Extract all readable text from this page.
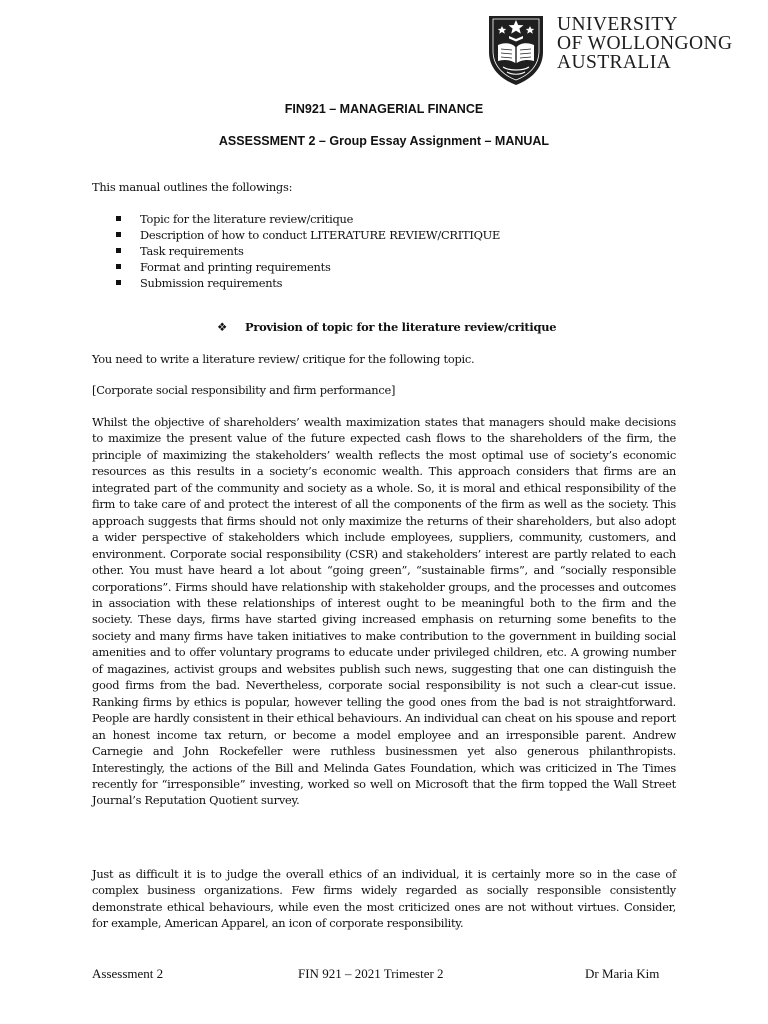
UNIVERSITY
OF WOLLONGONG
AUSTRALIA
FIN921 – MANAGERIAL FINANCE
ASSESSMENT 2 – Group Essay Assignment – MANUAL
This manual outlines the followings:
Topic for the literature review/critique
Description of how to conduct LITERATURE REVIEW/CRITIQUE
Task requirements
Format and printing requirements
Submission requirements
❖ Provision of topic for the literature review/critique
You need to write a literature review/ critique for the following topic.
[Corporate social responsibility and firm performance]

Whilst the objective of shareholders’ wealth maximization states that managers should make decisions to maximize the present value of the future expected cash flows to the shareholders of the firm, the principle of maximizing the stakeholders’ wealth reflects the most optimal use of society’s economic resources as this results in a society’s economic wealth. This approach considers that firms are an integrated part of the community and society as a whole. So, it is moral and ethical responsibility of the firm to take care of and protect the interest of all the components of the firm as well as the society. This approach suggests that firms should not only maximize the returns of their shareholders, but also adopt a wider perspective of stakeholders which include employees, suppliers, community, customers, and environment. Corporate social responsibility (CSR) and stakeholders’ interest are partly related to each other. You must have heard a lot about “going green”, “sustainable firms”, and “socially responsible corporations”. Firms should have relationship with stakeholder groups, and the processes and outcomes in association with these relationships of interest ought to be meaningful both to the firm and the society. These days, firms have started giving increased emphasis on returning some benefits to the society and many firms have taken initiatives to make contribution to the government in building social amenities and to offer voluntary programs to educate under privileged children, etc. A growing number of magazines, activist groups and websites publish such news, suggesting that one can distinguish the good firms from the bad. Nevertheless, corporate social responsibility is not such a clear-cut issue. Ranking firms by ethics is popular, however telling the good ones from the bad is not straightforward. People are hardly consistent in their ethical behaviours. An individual can cheat on his spouse and report an honest income tax return, or become a model employee and an irresponsible parent. Andrew Carnegie and John Rockefeller were ruthless businessmen yet also generous philanthropists. Interestingly, the actions of the Bill and Melinda Gates Foundation, which was criticized in The Times recently for “irresponsible” investing, worked so well on Microsoft that the firm topped the Wall Street Journal’s Reputation Quotient survey.

Just as difficult it is to judge the overall ethics of an individual, it is certainly more so in the case of complex business organizations. Few firms widely regarded as socially responsible consistently demonstrate ethical behaviours, while even the most criticized ones are not without virtues. Consider, for example, American Apparel, an icon of corporate responsibility.

Assessment 2	FIN 921 – 2021 Trimester 2	Dr Maria Kim
